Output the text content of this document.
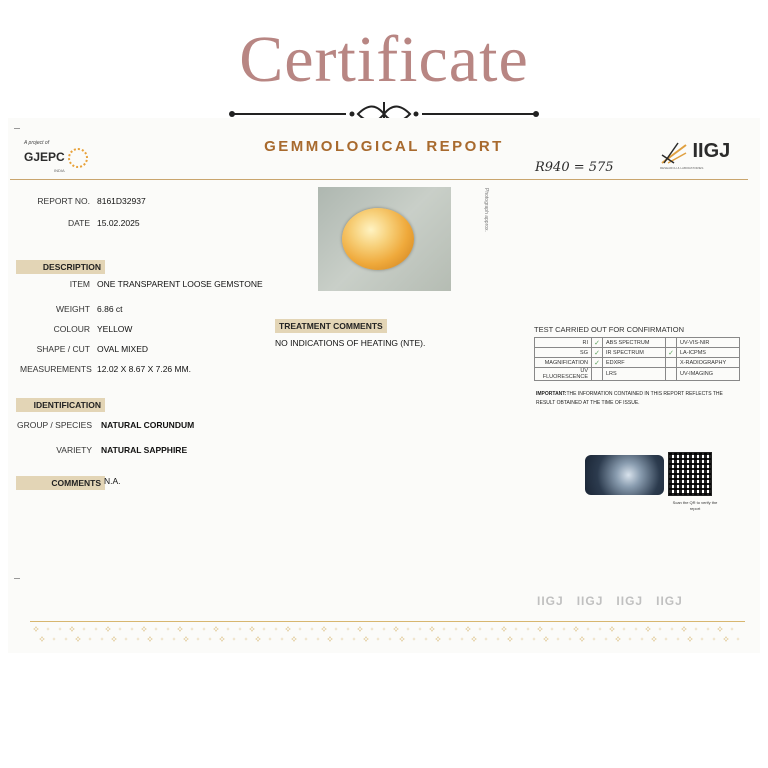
Certificate
A project of
GJEPC
INDIA
GEMMOLOGICAL REPORT
R940 = 575
IIGJ
RESEARCH & LABORATORIES
REPORT NO. 8161D32937
DATE 15.02.2025
DESCRIPTION
ITEM ONE TRANSPARENT LOOSE GEMSTONE
WEIGHT 6.86 ct
COLOUR YELLOW
SHAPE / CUT OVAL MIXED
MEASUREMENTS 12.02 X 8.67 X 7.26 MM.
IDENTIFICATION
GROUP / SPECIES NATURAL CORUNDUM
VARIETY NATURAL SAPPHIRE
COMMENTS N.A.
Photograph approx.
TREATMENT COMMENTS
NO INDICATIONS OF HEATING (NTE).
TEST CARRIED OUT FOR CONFIRMATION
RI	✓	ABS SPECTRUM		UV-VIS-NIR
SG	✓	IR SPECTRUM	✓	LA-ICPMS
MAGNIFICATION	✓	EDXRF		X-RADIOGRAPHY
UV FLUORESCENCE		LRS		UV-IMAGING
IMPORTANT:THE INFORMATION CONTAINED IN THIS REPORT REFLECTS THE RESULT OBTAINED AT THE TIME OF ISSUE.
Scan the QR to verify the report
IIGJ IIGJ IIGJ IIGJ
